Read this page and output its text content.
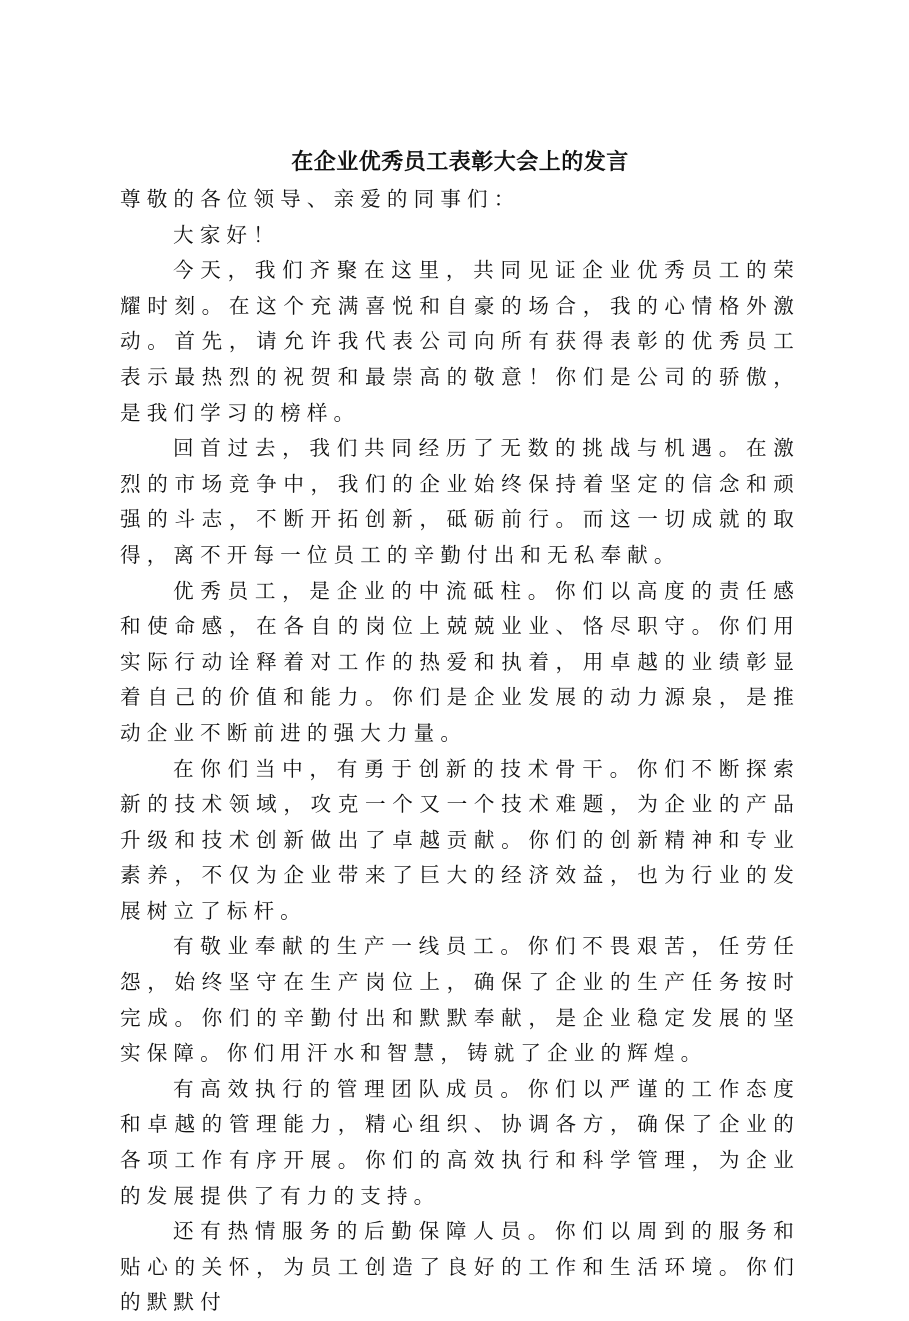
在企业优秀员工表彰大会上的发言

尊敬的各位领导、亲爱的同事们：

大家好！

今天，我们齐聚在这里，共同见证企业优秀员工的荣耀时刻。在这个充满喜悦和自豪的场合，我的心情格外激动。首先，请允许我代表公司向所有获得表彰的优秀员工表示最热烈的祝贺和最崇高的敬意！你们是公司的骄傲，是我们学习的榜样。

回首过去，我们共同经历了无数的挑战与机遇。在激烈的市场竞争中，我们的企业始终保持着坚定的信念和顽强的斗志，不断开拓创新，砥砺前行。而这一切成就的取得，离不开每一位员工的辛勤付出和无私奉献。

优秀员工，是企业的中流砥柱。你们以高度的责任感和使命感，在各自的岗位上兢兢业业、恪尽职守。你们用实际行动诠释着对工作的热爱和执着，用卓越的业绩彰显着自己的价值和能力。你们是企业发展的动力源泉，是推动企业不断前进的强大力量。

在你们当中，有勇于创新的技术骨干。你们不断探索新的技术领域，攻克一个又一个技术难题，为企业的产品升级和技术创新做出了卓越贡献。你们的创新精神和专业素养，不仅为企业带来了巨大的经济效益，也为行业的发展树立了标杆。

有敬业奉献的生产一线员工。你们不畏艰苦，任劳任怨，始终坚守在生产岗位上，确保了企业的生产任务按时完成。你们的辛勤付出和默默奉献，是企业稳定发展的坚实保障。你们用汗水和智慧，铸就了企业的辉煌。

有高效执行的管理团队成员。你们以严谨的工作态度和卓越的管理能力，精心组织、协调各方，确保了企业的各项工作有序开展。你们的高效执行和科学管理，为企业的发展提供了有力的支持。

还有热情服务的后勤保障人员。你们以周到的服务和贴心的关怀，为员工创造了良好的工作和生活环境。你们的默默付
